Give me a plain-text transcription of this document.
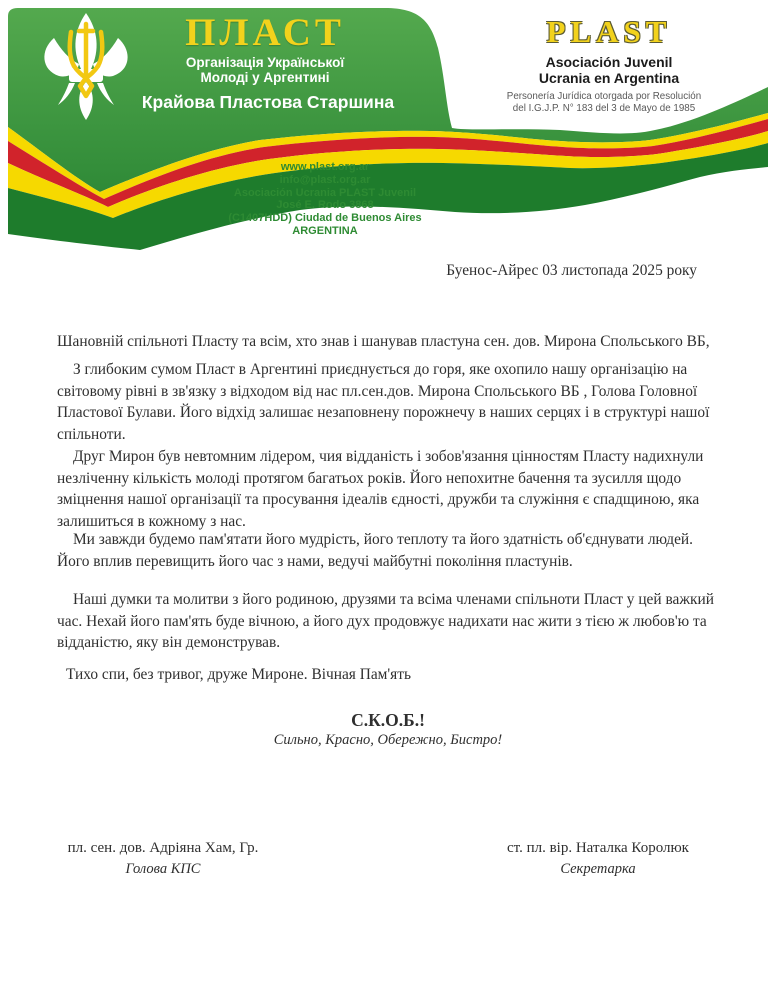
ПЛАСТ
Організація Української
Молоді у Аргентині
Крайова Пластова Старшина
PLAST
Asociación Juvenil
Ucrania en Argentina
Personería Jurídica otorgada por Resolución
del I.G.J.P. N° 183 del 3 de Mayo de 1985
www.plast.org.ar
info@plast.org.ar
Asociación Ucrania PLAST Juvenil
José E. Rodo 3868
(C1407HDD) Ciudad de Buenos Aires
ARGENTINA
Буенос-Айрес 03 листопада 2025 року
Шановній спільноті Пласту та всім, хто знав і шанував пластуна сен. дов. Мирона Спольського ВБ,
З глибоким сумом Пласт в Аргентині приєднується до горя, яке охопило нашу організацію на світовому рівні в зв'язку з відходом від нас пл.сен.дов. Мирона Спольського ВБ , Голова Головної Пластової Булави. Його відхід залишає незаповнену порожнечу в наших серцях і в структурі нашої спільноти.
Друг Мирон був невтомним лідером, чия відданість і зобов'язання цінностям Пласту надихнули незліченну кількість молоді протягом багатьох років. Його непохитне бачення та зусилля щодо зміцнення нашої організації та просування ідеалів єдності, дружби та служіння є спадщиною, яка залишиться в кожному з нас.
Ми завжди будемо пам'ятати його мудрість, його теплоту та його здатність об'єднувати людей. Його вплив перевищить його час з нами, ведучі майбутні покоління пластунів.
Наші думки та молитви з його родиною, друзями та всіма членами спільноти Пласт у цей важкий час. Нехай його пам'ять буде вічною, а його дух продовжує надихати нас жити з тією ж любов'ю та відданістю, яку він демонстрував.
Тихо спи, без тривог, друже Мироне. Вічная Пам'ять
С.К.О.Б.!
Сильно, Красно, Обережно, Бистро!
пл. сен. дов. Адріяна Хам, Гр.
Голова КПС
ст. пл. вір. Наталка Королюк
Секретарка
